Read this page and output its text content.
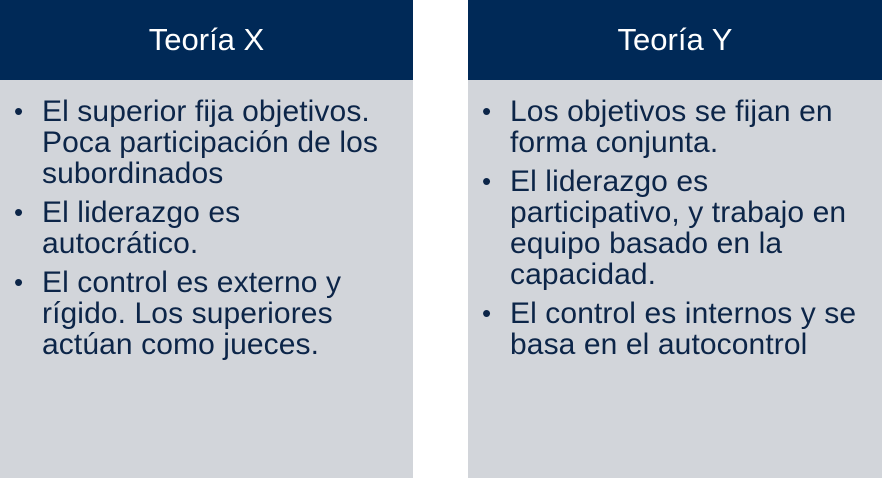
Teoría X
• El superior fija objetivos. Poca participación de los subordinados
• El liderazgo es autocrático.
• El control es externo y rígido. Los superiores actúan como jueces.
Teoría Y
• Los objetivos se fijan en forma conjunta.
• El liderazgo es participativo, y trabajo en equipo basado en la capacidad.
• El control es internos y se basa en el autocontrol
